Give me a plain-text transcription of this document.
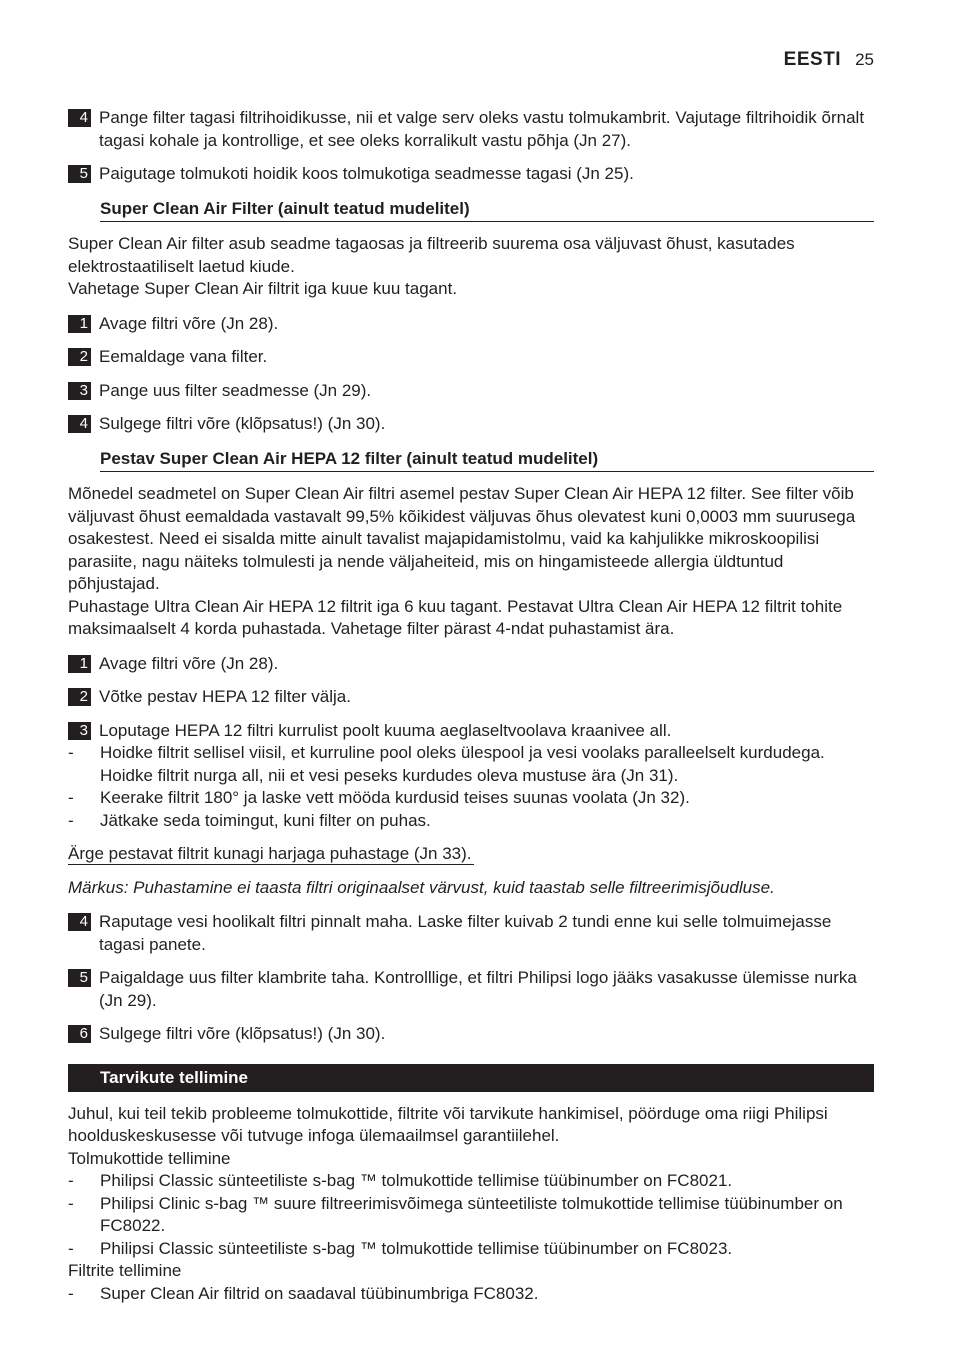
EESTI 25
4 Pange filter tagasi filtrihoidikusse, nii et valge serv oleks vastu tolmukambrit. Vajutage filtrihoidik õrnalt tagasi kohale ja kontrollige, et see oleks korralikult vastu põhja (Jn 27).
5 Paigutage tolmukoti hoidik koos tolmukotiga seadmesse tagasi (Jn 25).
Super Clean Air Filter (ainult teatud mudelitel)
Super Clean Air filter asub seadme tagaosas ja filtreerib suurema osa väljuvast õhust, kasutades elektrostaatiliselt laetud kiude.
Vahetage Super Clean Air filtrit iga kuue kuu tagant.
1 Avage filtri võre (Jn 28).
2 Eemaldage vana filter.
3 Pange uus filter seadmesse (Jn 29).
4 Sulgege filtri võre (klõpsatus!) (Jn 30).
Pestav Super Clean Air HEPA 12 filter (ainult teatud mudelitel)
Mõnedel seadmetel on Super Clean Air filtri asemel pestav Super Clean Air HEPA 12 filter. See filter võib väljuvast õhust eemaldada vastavalt 99,5% kõikidest väljuvas õhus olevatest kuni 0,0003 mm suurusega osakestest. Need ei sisalda mitte ainult tavalist majapidamistolmu, vaid ka kahjulikke mikroskoopilisi parasiite, nagu näiteks tolmulesti ja nende väljaheiteid, mis on hingamisteede allergia üldtuntud põhjustajad.
Puhastage Ultra Clean Air HEPA 12 filtrit iga 6 kuu tagant. Pestavat Ultra Clean Air HEPA 12 filtrit tohite maksimaalselt 4 korda puhastada. Vahetage filter pärast 4-ndat puhastamist ära.
1 Avage filtri võre (Jn 28).
2 Võtke pestav HEPA 12 filter välja.
3 Loputage HEPA 12 filtri kurrulist poolt kuuma aeglaseltvoolava kraanivee all.
-	Hoidke filtrit sellisel viisil, et kurruline pool oleks ülespool ja vesi voolaks paralleelselt kurdudega. Hoidke filtrit nurga all, nii et vesi peseks kurdudes oleva mustuse ära (Jn 31).
-	Keerake filtrit 180° ja laske vett mööda kurdusid teises suunas voolata (Jn 32).
-	Jätkake seda toimingut, kuni filter on puhas.
Ärge pestavat filtrit kunagi harjaga puhastage (Jn 33).
Märkus: Puhastamine ei taasta filtri originaalset värvust, kuid taastab selle filtreerimisjõudluse.
4 Raputage vesi hoolikalt filtri pinnalt maha. Laske filter kuivab 2 tundi enne kui selle tolmuimejasse tagasi panete.
5 Paigaldage uus filter klambrite taha. Kontrolllige, et filtri Philipsi logo jääks vasakusse ülemisse nurka (Jn 29).
6 Sulgege filtri võre (klõpsatus!) (Jn 30).
Tarvikute tellimine
Juhul, kui teil tekib probleeme tolmukottide, filtrite või tarvikute hankimisel, pöörduge oma riigi Philipsi hoolduskeskusesse või tutvuge infoga ülemaailmsel garantiilehel.
Tolmukottide tellimine
-	Philipsi Classic sünteetiliste s-bag ™ tolmukottide tellimise tüübinumber on FC8021.
-	Philipsi Clinic s-bag ™ suure filtreerimisvõimega sünteetiliste tolmukottide tellimise tüübinumber on FC8022.
-	Philipsi Classic sünteetiliste s-bag ™ tolmukottide tellimise tüübinumber on FC8023.
Filtrite tellimine
-	Super Clean Air filtrid on saadaval tüübinumbriga FC8032.
